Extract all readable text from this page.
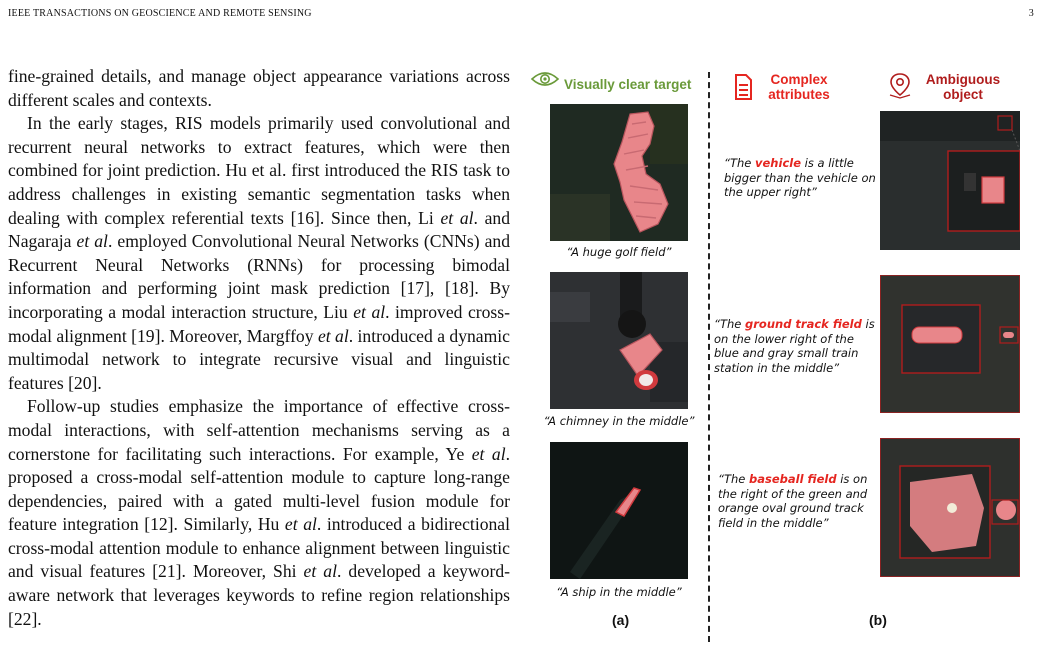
IEEE TRANSACTIONS ON GEOSCIENCE AND REMOTE SENSING	3

fine-grained details, and manage object appearance variations across different scales and contexts.

In the early stages, RIS models primarily used convolutional and recurrent neural networks to extract features, which were then combined for joint prediction. Hu et al. first introduced the RIS task to address challenges in existing semantic segmentation tasks when dealing with complex referential texts [16]. Since then, Li et al. and Nagaraja et al. employed Convolutional Neural Networks (CNNs) and Recurrent Neural Networks (RNNs) for processing bimodal information and performing joint mask prediction [17], [18]. By incorporating a modal interaction structure, Liu et al. improved cross-modal alignment [19]. Moreover, Margffoy et al. introduced a dynamic multimodal network to integrate recursive visual and linguistic features [20].

Follow-up studies emphasize the importance of effective cross-modal interactions, with self-attention mechanisms serving as a cornerstone for facilitating such interactions. For example, Ye et al. proposed a cross-modal self-attention module to capture long-range dependencies, paired with a gated multi-level fusion module for feature integration [12]. Similarly, Hu et al. introduced a bidirectional cross-modal attention module to enhance alignment between linguistic and visual features [21]. Moreover, Shi et al. developed a keyword-aware network that leverages keywords to refine region relationships [22].

Visually clear target	Complex attributes
Ambiguous object
“A huge golf field”
“A chimney in the middle”
“A ship in the middle”
“The vehicle is a little bigger than the vehicle on the upper right”
“The ground track field is on the lower right of the blue and gray small train station in the middle”
“The baseball field is on the right of the green and orange oval ground track field in the middle”
(a)	(b)
